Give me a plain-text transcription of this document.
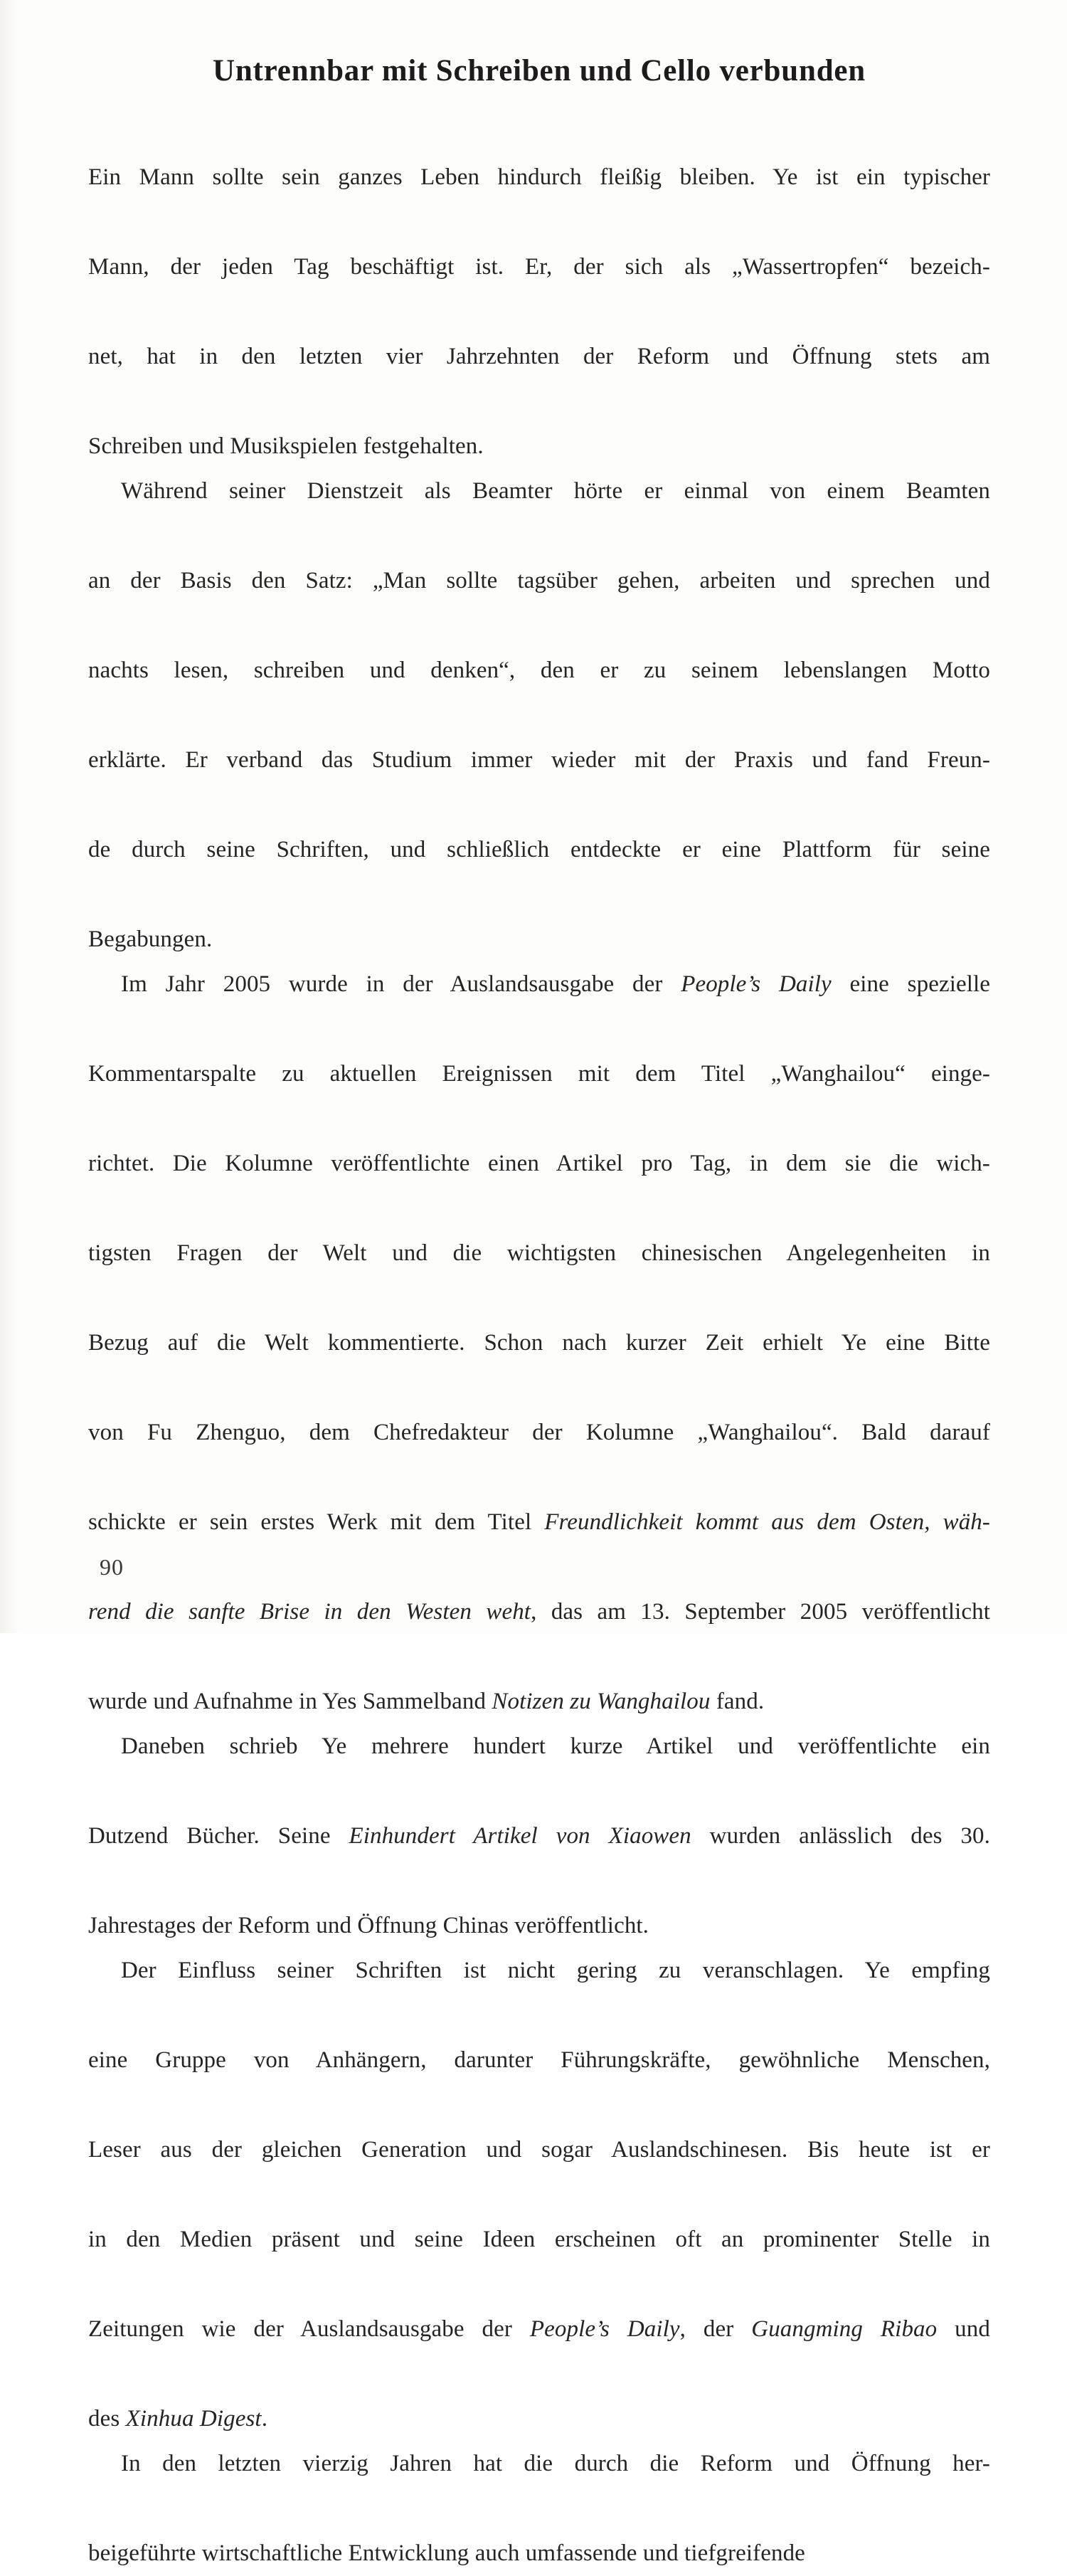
Untrennbar mit Schreiben und Cello verbunden

Ein Mann sollte sein ganzes Leben hindurch fleißig bleiben. Ye ist ein typischer
Mann, der jeden Tag beschäftigt ist. Er, der sich als „Wassertropfen“ bezeich-
net, hat in den letzten vier Jahrzehnten der Reform und Öffnung stets am
Schreiben und Musikspielen festgehalten.

Während seiner Dienstzeit als Beamter hörte er einmal von einem Beamten
an der Basis den Satz: „Man sollte tagsüber gehen, arbeiten und sprechen und
nachts lesen, schreiben und denken“, den er zu seinem lebenslangen Motto
erklärte. Er verband das Studium immer wieder mit der Praxis und fand Freun-
de durch seine Schriften, und schließlich entdeckte er eine Plattform für seine
Begabungen.

Im Jahr 2005 wurde in der Auslandsausgabe der People’s Daily eine spezielle
Kommentarspalte zu aktuellen Ereignissen mit dem Titel „Wanghailou“ einge-
richtet. Die Kolumne veröffentlichte einen Artikel pro Tag, in dem sie die wich-
tigsten Fragen der Welt und die wichtigsten chinesischen Angelegenheiten in
Bezug auf die Welt kommentierte. Schon nach kurzer Zeit erhielt Ye eine Bitte
von Fu Zhenguo, dem Chefredakteur der Kolumne „Wanghailou“. Bald darauf
schickte er sein erstes Werk mit dem Titel Freundlichkeit kommt aus dem Osten, wäh-
rend die sanfte Brise in den Westen weht, das am 13. September 2005 veröffentlicht
wurde und Aufnahme in Yes Sammelband Notizen zu Wanghailou fand.

Daneben schrieb Ye mehrere hundert kurze Artikel und veröffentlichte ein
Dutzend Bücher. Seine Einhundert Artikel von Xiaowen wurden anlässlich des 30.
Jahrestages der Reform und Öffnung Chinas veröffentlicht.

Der Einfluss seiner Schriften ist nicht gering zu veranschlagen. Ye empfing
eine Gruppe von Anhängern, darunter Führungskräfte, gewöhnliche Menschen,
Leser aus der gleichen Generation und sogar Auslandschinesen. Bis heute ist er
in den Medien präsent und seine Ideen erscheinen oft an prominenter Stelle in
Zeitungen wie der Auslandsausgabe der People’s Daily, der Guangming Ribao und
des Xinhua Digest.

In den letzten vierzig Jahren hat die durch die Reform und Öffnung her-
beigeführte wirtschaftliche Entwicklung auch umfassende und tiefgreifende

90
